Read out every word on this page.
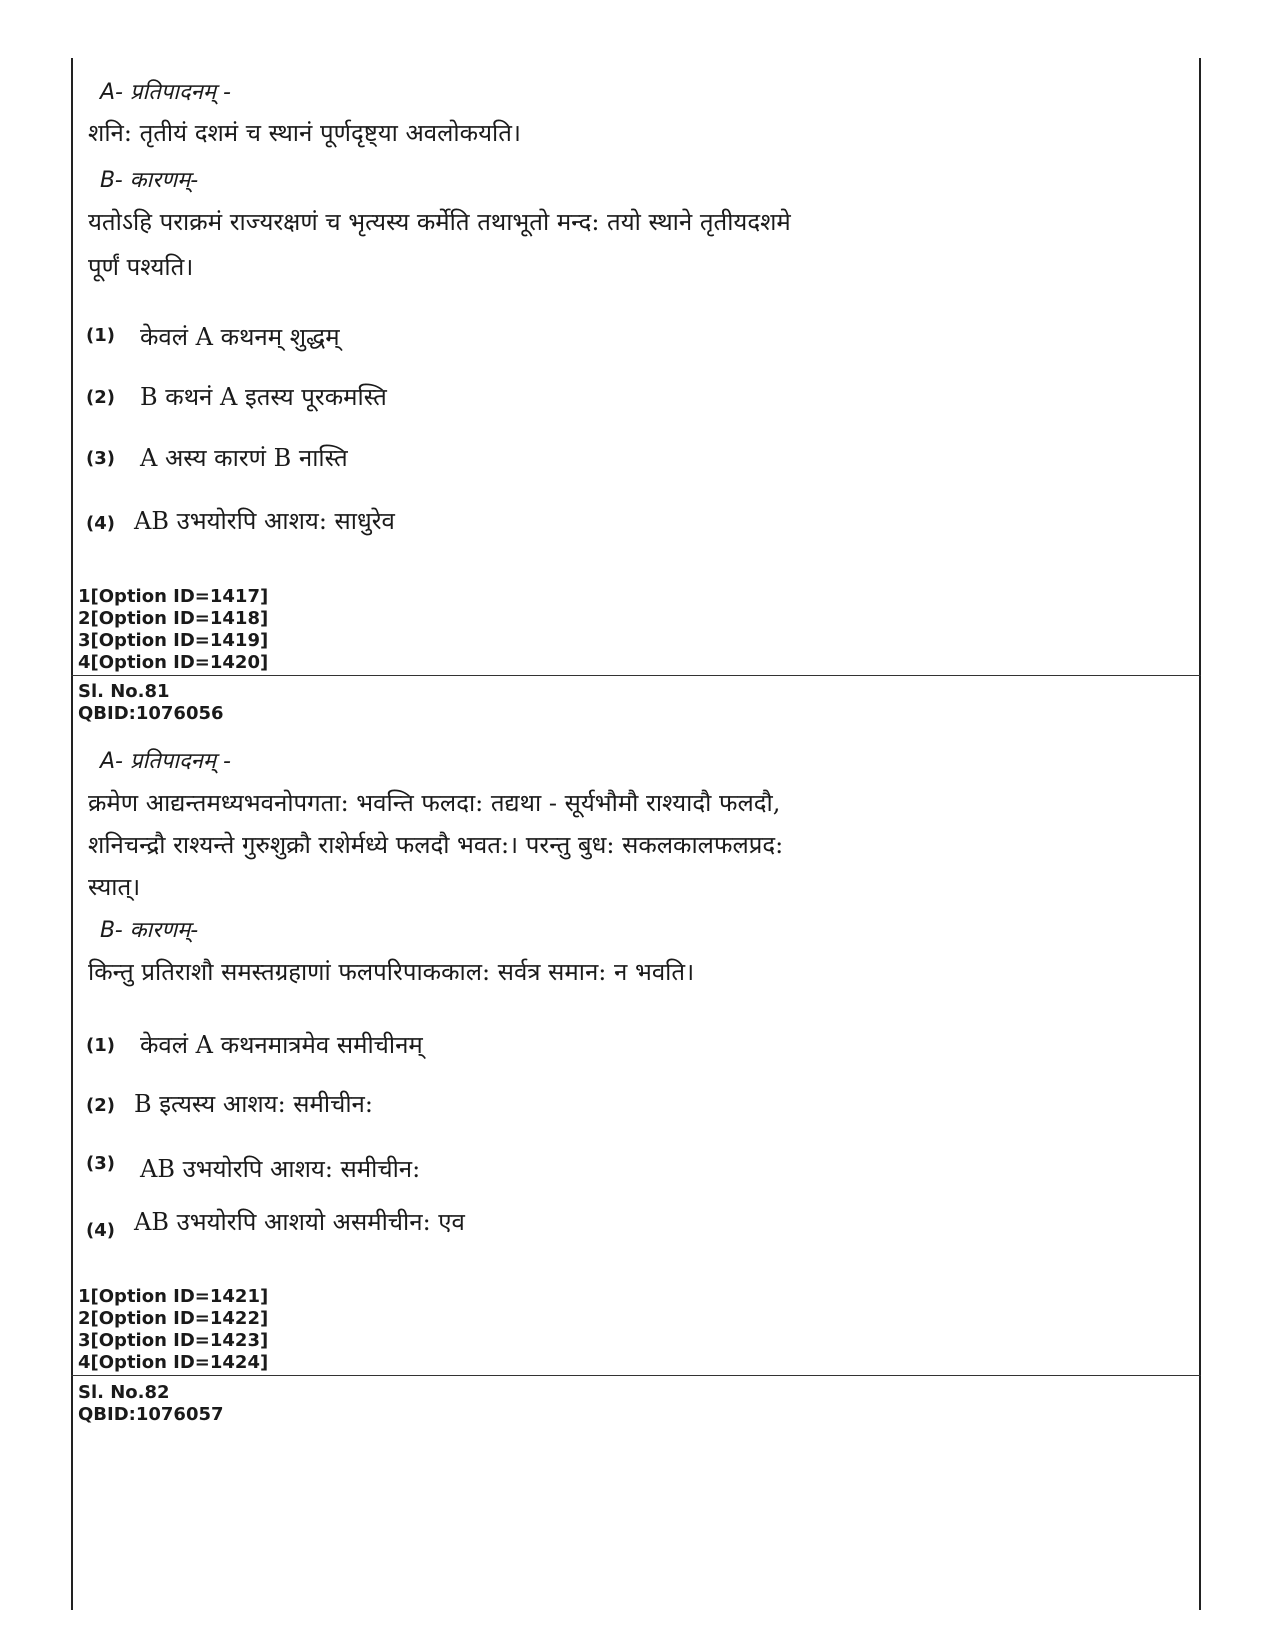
A- प्रतिपादनम् -
शनि: तृतीयं दशमं च स्थानं पूर्णदृष्ट्या अवलोकयति।
B- कारणम्-
यतोऽहि पराक्रमं राज्यरक्षणं च भृत्यस्य कर्मेति तथाभूतो मन्द: तयो स्थाने तृतीयदशमे
पूर्णं पश्यति।
(1) केवलं A कथनम् शुद्धम्
(2) B कथनं A इतस्य पूरकमस्ति
(3) A अस्य कारणं B नास्ति
(4) AB उभयोरपि आशय: साधुरेव
1[Option ID=1417]
2[Option ID=1418]
3[Option ID=1419]
4[Option ID=1420]
Sl. No.81
QBID:1076056
A- प्रतिपादनम् -
क्रमेण आद्यन्तमध्यभवनोपगता: भवन्ति फलदा: तद्यथा - सूर्यभौमौ राश्यादौ फलदौ,
शनिचन्द्रौ राश्यन्ते गुरुशुक्रौ राशेर्मध्ये फलदौ भवत:। परन्तु बुध: सकलकालफलप्रद:
स्यात्।
B- कारणम्-
किन्तु प्रतिराशौ समस्तग्रहाणां फलपरिपाककाल: सर्वत्र समान: न भवति।
(1) केवलं A कथनमात्रमेव समीचीनम्
(2) B इत्यस्य आशय: समीचीन:
(3) AB उभयोरपि आशय: समीचीन:
(4) AB उभयोरपि आशयो असमीचीन: एव
1[Option ID=1421]
2[Option ID=1422]
3[Option ID=1423]
4[Option ID=1424]
Sl. No.82
QBID:1076057
